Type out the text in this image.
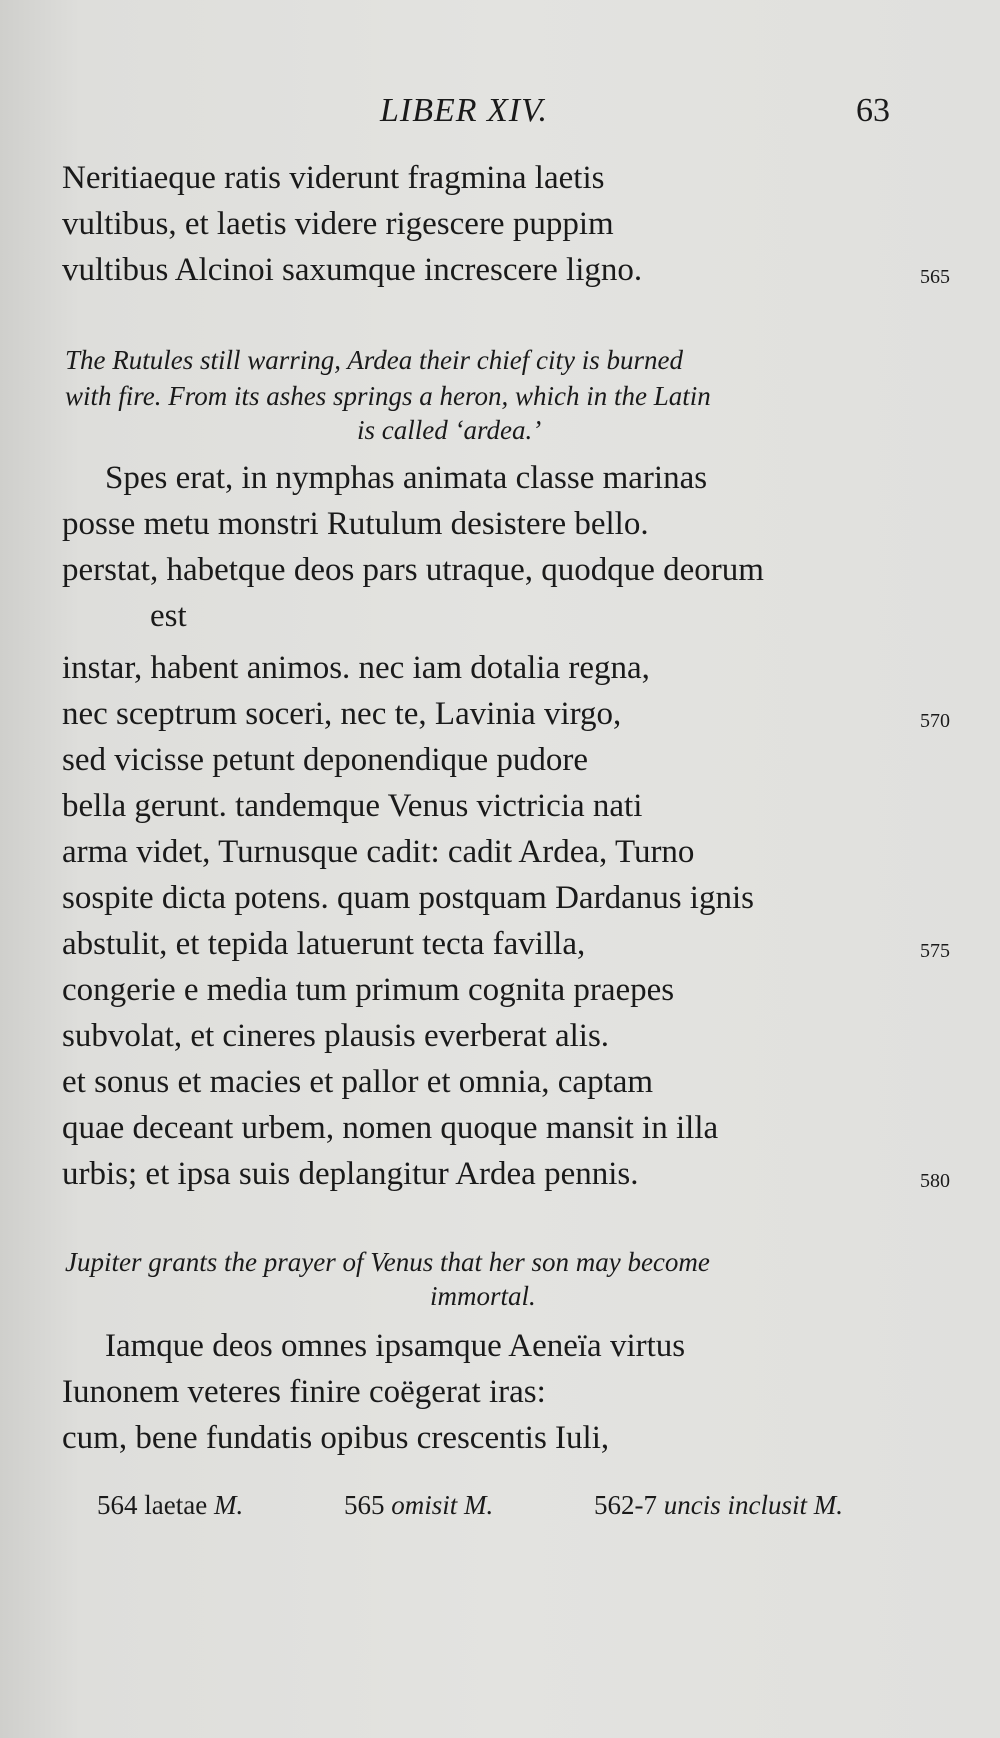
LIBER XIV.	63
Neritiaeque ratis viderunt fragmina laetis
vultibus, et laetis videre rigescere puppim
vultibus Alcinoi saxumque increscere ligno.	565
The Rutules still warring, Ardea their chief city is burned
with fire. From its ashes springs a heron, which in the Latin
is called ‘ardea.’
Spes erat, in nymphas animata classe marinas
posse metu monstri Rutulum desistere bello.
perstat, habetque deos pars utraque, quodque deorum
est
instar, habent animos. nec iam dotalia regna,
nec sceptrum soceri, nec te, Lavinia virgo,	570
sed vicisse petunt deponendique pudore
bella gerunt. tandemque Venus victricia nati
arma videt, Turnusque cadit: cadit Ardea, Turno
sospite dicta potens. quam postquam Dardanus ignis
abstulit, et tepida latuerunt tecta favilla,	575
congerie e media tum primum cognita praepes
subvolat, et cineres plausis everberat alis.
et sonus et macies et pallor et omnia, captam
quae deceant urbem, nomen quoque mansit in illa
urbis; et ipsa suis deplangitur Ardea pennis.	580
Jupiter grants the prayer of Venus that her son may become
immortal.
Iamque deos omnes ipsamque Aeneïa virtus
Iunonem veteres finire coëgerat iras:
cum, bene fundatis opibus crescentis Iuli,
564 laetae M.	565 omisit M.	562-7 uncis inclusit M.
